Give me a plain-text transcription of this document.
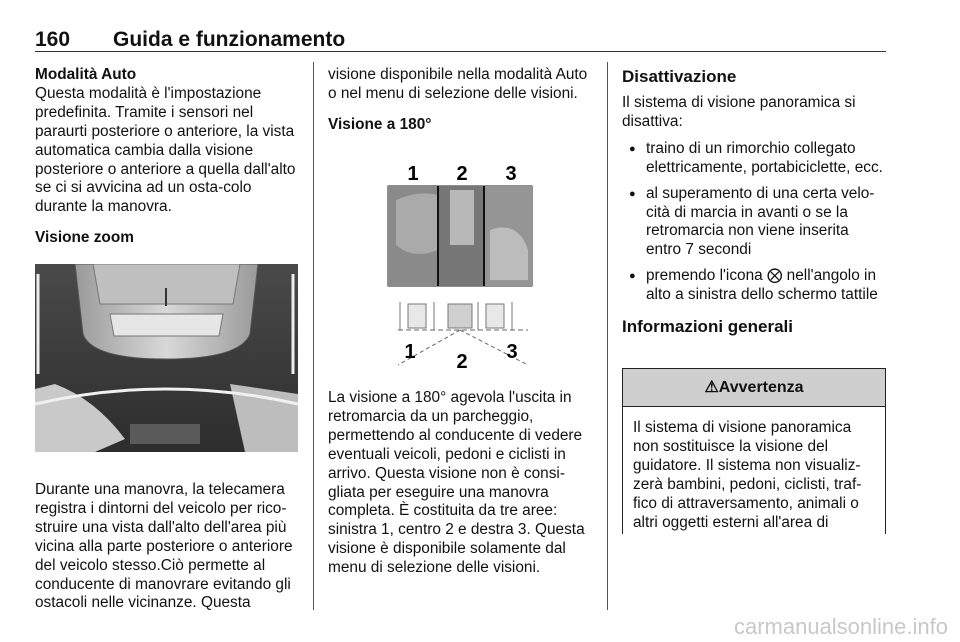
160 Guida e funzionamento
Modalità Auto
Questa modalità è l'impostazione predefinita. Tramite i sensori nel paraurti posteriore o anteriore, la vista automatica cambia dalla visione posteriore o anteriore a quella dall'alto se ci si avvicina ad un osta-colo durante la manovra.
Visione zoom
Durante una manovra, la telecamera registra i dintorni del veicolo per rico-struire una vista dall'alto dell'area più vicina alla parte posteriore o anteriore del veicolo stesso.Ciò permette al conducente di manovrare evitando gli ostacoli nelle vicinanze. Questa
visione disponibile nella modalità Auto o nel menu di selezione delle visioni.
Visione a 180°
1 2 3
1 2 3
La visione a 180° agevola l'uscita in retromarcia da un parcheggio, permettendo al conducente di vedere eventuali veicoli, pedoni e ciclisti in arrivo. Questa visione non è consi-gliata per eseguire una manovra completa. È costituita da tre aree: sinistra 1, centro 2 e destra 3. Questa visione è disponibile solamente dal menu di selezione delle visioni.
Disattivazione
Il sistema di visione panoramica si disattiva:
● traino di un rimorchio collegato elettricamente, portabiciclette, ecc.
● al superamento di una certa velo-cità di marcia in avanti o se la retromarcia non viene inserita entro 7 secondi
● premendo l'icona ⨂ nell'angolo in alto a sinistra dello schermo tattile
Informazioni generali
⚠Avvertenza
Il sistema di visione panoramica non sostituisce la visione del guidatore. Il sistema non visualiz-zerà bambini, pedoni, ciclisti, traf-fico di attraversamento, animali o altri oggetti esterni all'area di
carmanualsonline.info
